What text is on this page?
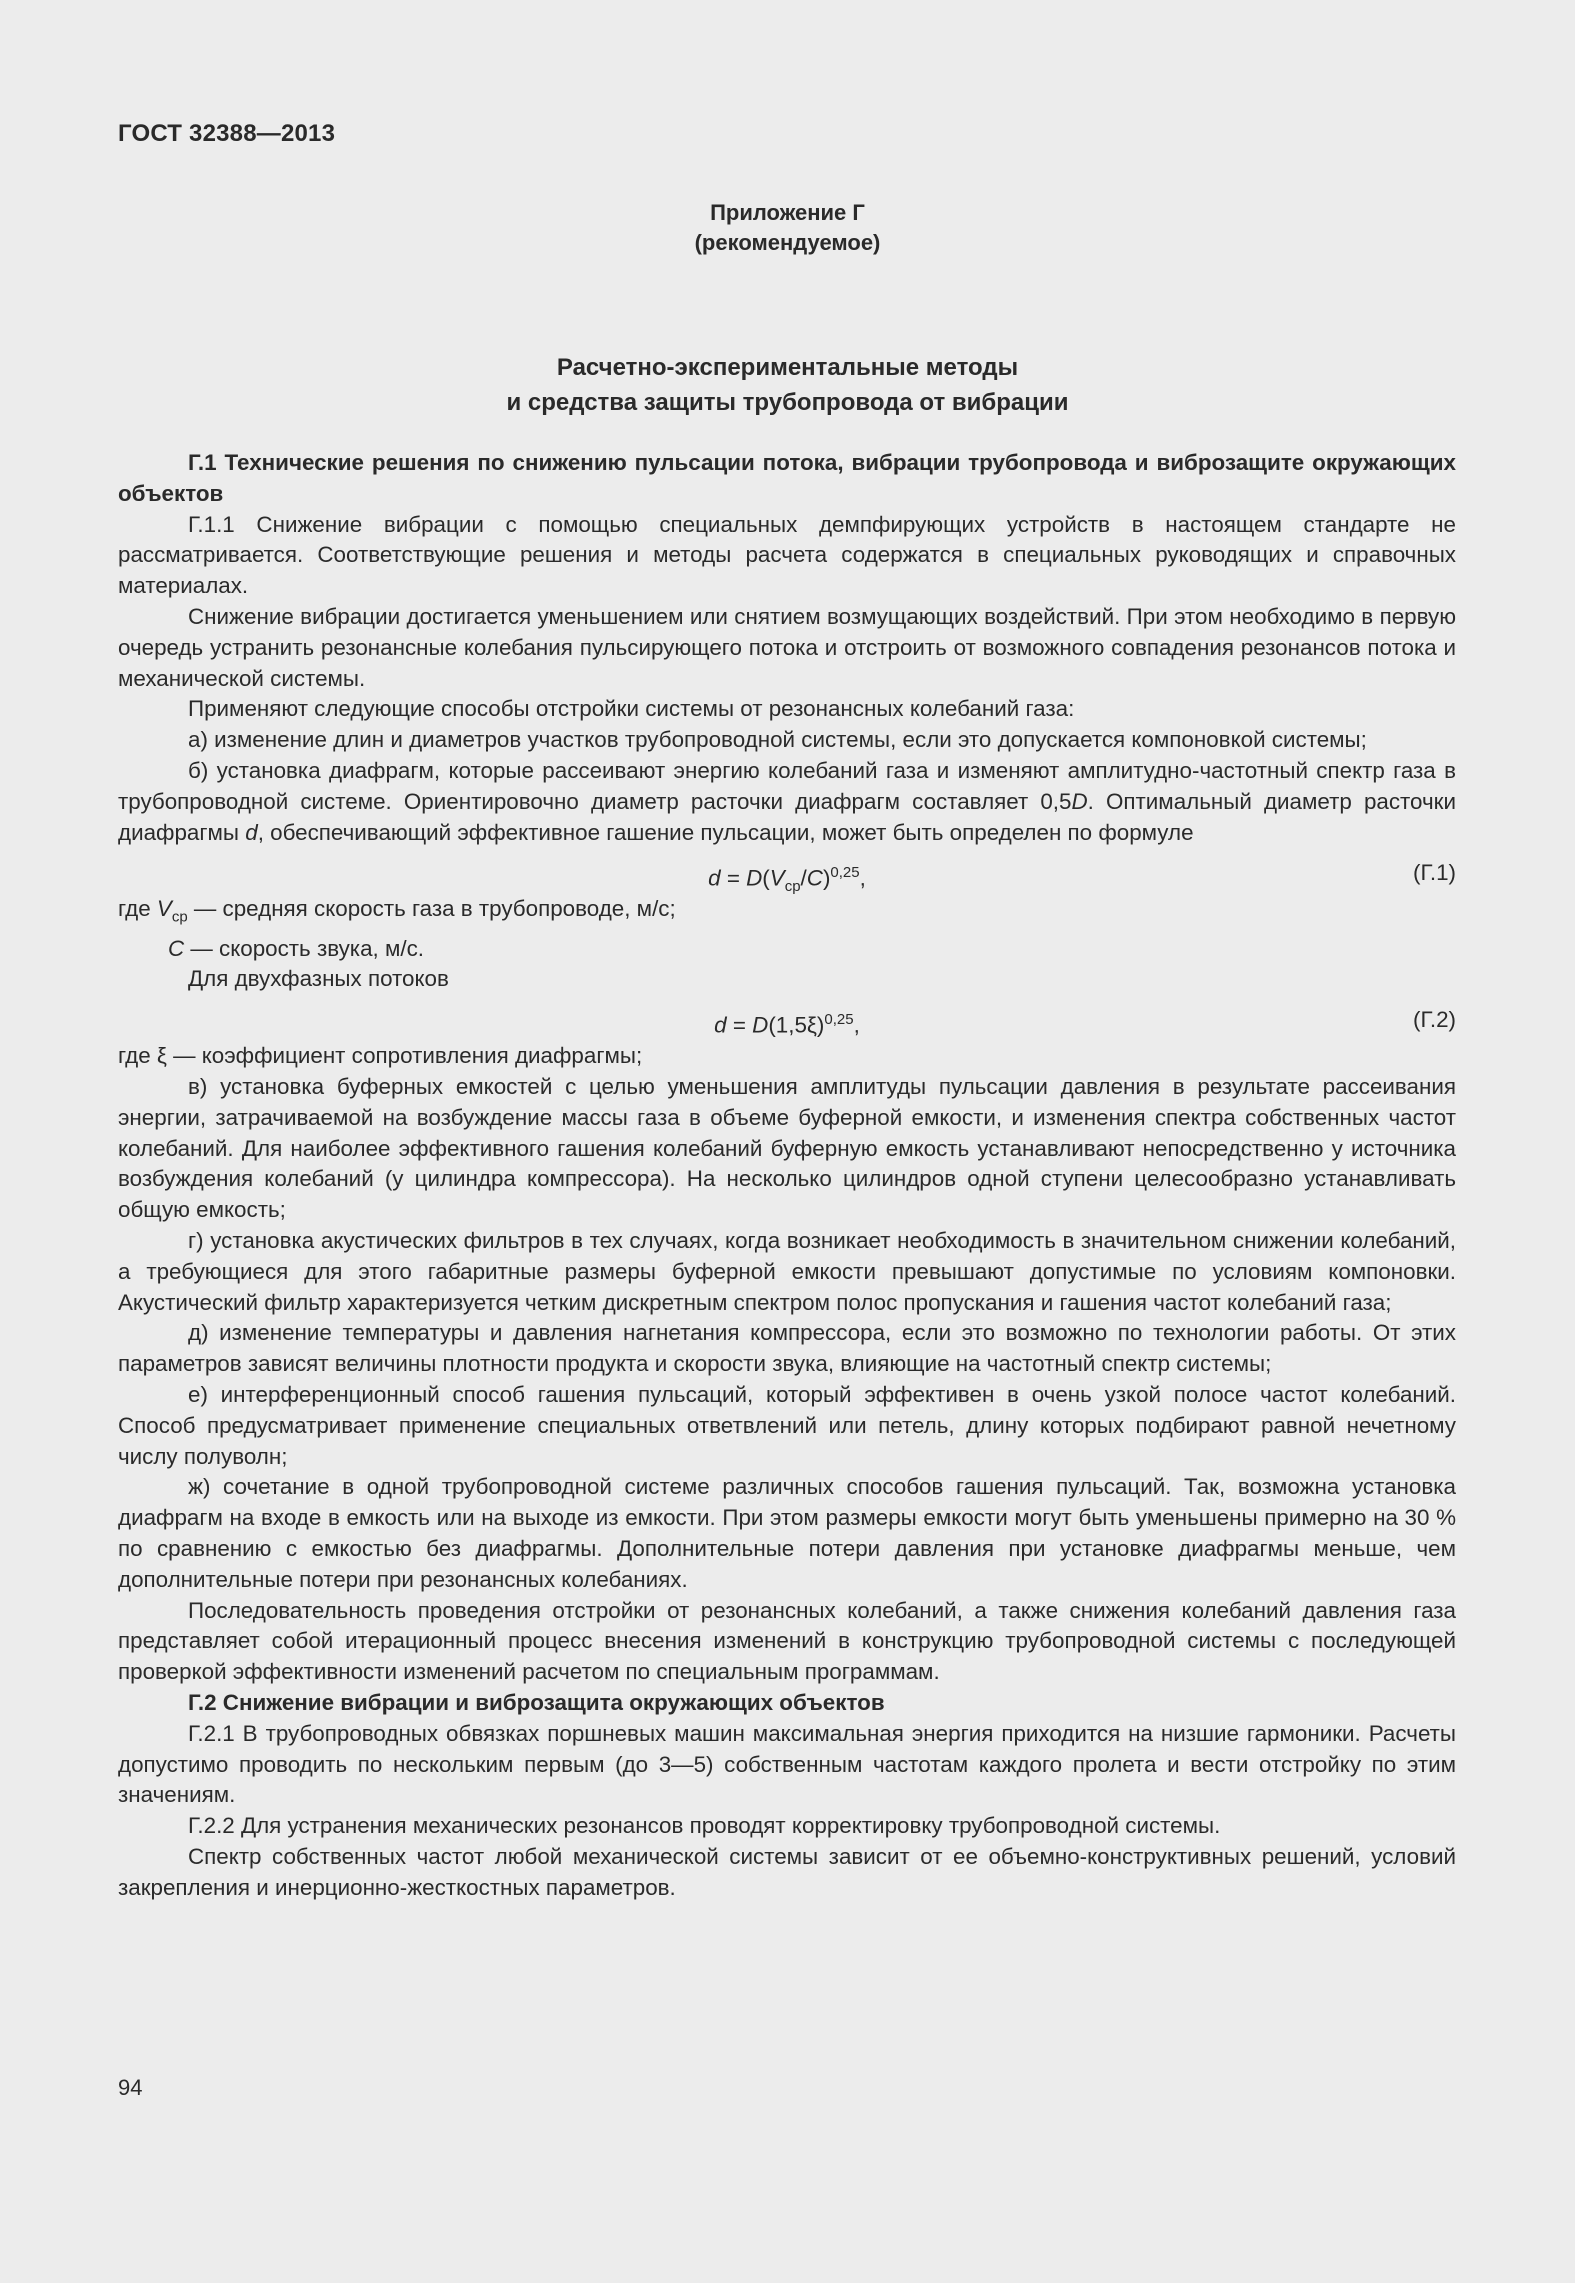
ГОСТ 32388—2013
Приложение Г
(рекомендуемое)
Расчетно-экспериментальные методы
и средства защиты трубопровода от вибрации

Г.1 Технические решения по снижению пульсации потока, вибрации трубопровода и виброзащите окружающих объектов

Г.1.1 Снижение вибрации с помощью специальных демпфирующих устройств в настоящем стандарте не рассматривается. Соответствующие решения и методы расчета содержатся в специальных руководящих и справочных материалах.

Снижение вибрации достигается уменьшением или снятием возмущающих воздействий. При этом необходимо в первую очередь устранить резонансные колебания пульсирующего потока и отстроить от возможного совпадения резонансов потока и механической системы.

Применяют следующие способы отстройки системы от резонансных колебаний газа:

а) изменение длин и диаметров участков трубопроводной системы, если это допускается компоновкой системы;

б) установка диафрагм, которые рассеивают энергию колебаний газа и изменяют амплитудно-частотный спектр газа в трубопроводной системе. Ориентировочно диаметр расточки диафрагм составляет 0,5D. Оптимальный диаметр расточки диафрагмы d, обеспечивающий эффективное гашение пульсации, может быть определен по формуле

$d = D(V_{ср}/C)^{0,25}$,	(Г.1)

где $V_{ср}$ — средняя скорость газа в трубопроводе, м/с;

C — скорость звука, м/с.

Для двухфазных потоков

$d = D(1,5\xi)^{0,25}$,	(Г.2)

где ξ — коэффициент сопротивления диафрагмы;

в) установка буферных емкостей с целью уменьшения амплитуды пульсации давления в результате рассеивания энергии, затрачиваемой на возбуждение массы газа в объеме буферной емкости, и изменения спектра собственных частот колебаний. Для наиболее эффективного гашения колебаний буферную емкость устанавливают непосредственно у источника возбуждения колебаний (у цилиндра компрессора). На несколько цилиндров одной ступени целесообразно устанавливать общую емкость;

г) установка акустических фильтров в тех случаях, когда возникает необходимость в значительном снижении колебаний, а требующиеся для этого габаритные размеры буферной емкости превышают допустимые по условиям компоновки. Акустический фильтр характеризуется четким дискретным спектром полос пропускания и гашения частот колебаний газа;

д) изменение температуры и давления нагнетания компрессора, если это возможно по технологии работы. От этих параметров зависят величины плотности продукта и скорости звука, влияющие на частотный спектр системы;

е) интерференционный способ гашения пульсаций, который эффективен в очень узкой полосе частот колебаний. Способ предусматривает применение специальных ответвлений или петель, длину которых подбирают равной нечетному числу полуволн;

ж) сочетание в одной трубопроводной системе различных способов гашения пульсаций. Так, возможна установка диафрагм на входе в емкость или на выходе из емкости. При этом размеры емкости могут быть уменьшены примерно на 30 % по сравнению с емкостью без диафрагмы. Дополнительные потери давления при установке диафрагмы меньше, чем дополнительные потери при резонансных колебаниях.

Последовательность проведения отстройки от резонансных колебаний, а также снижения колебаний давления газа представляет собой итерационный процесс внесения изменений в конструкцию трубопроводной системы с последующей проверкой эффективности изменений расчетом по специальным программам.

Г.2 Снижение вибрации и виброзащита окружающих объектов

Г.2.1 В трубопроводных обвязках поршневых машин максимальная энергия приходится на низшие гармоники. Расчеты допустимо проводить по нескольким первым (до 3—5) собственным частотам каждого пролета и вести отстройку по этим значениям.

Г.2.2 Для устранения механических резонансов проводят корректировку трубопроводной системы.

Спектр собственных частот любой механической системы зависит от ее объемно-конструктивных решений, условий закрепления и инерционно-жесткостных параметров.

94
